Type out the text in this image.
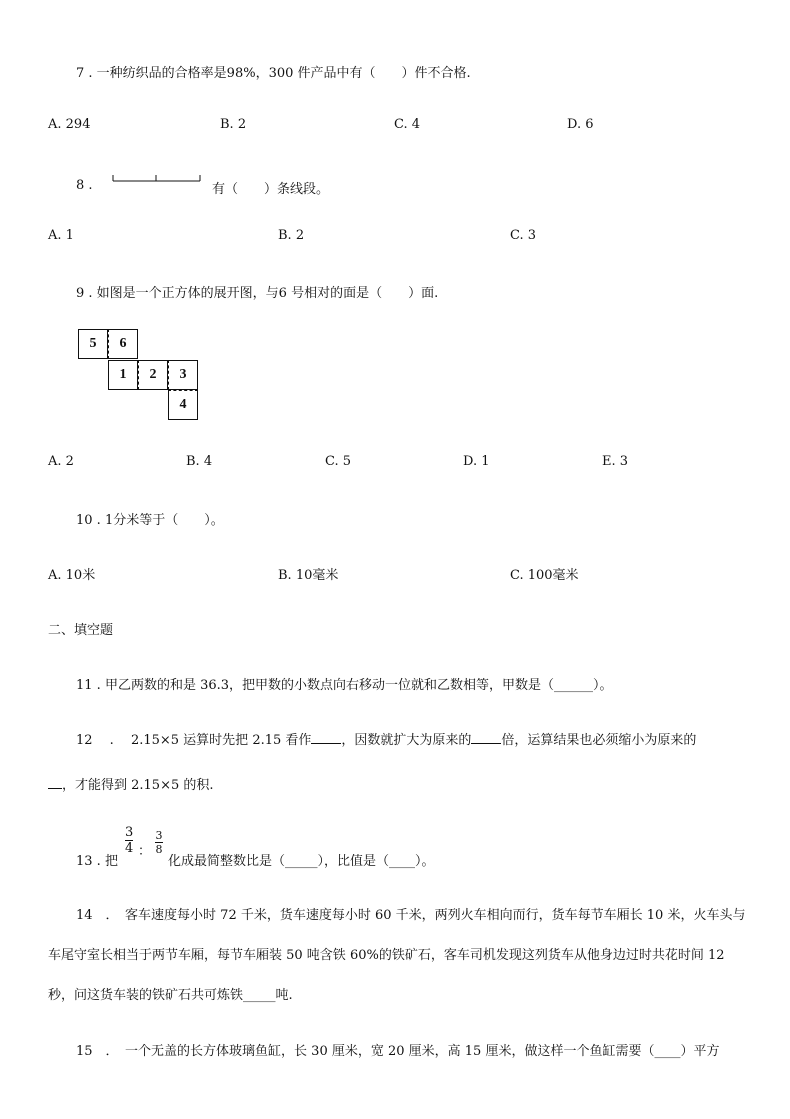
7 . 一种纺织品的合格率是98%，300 件产品中有（　　）件不合格.
A. 294	B. 2	C. 4	D. 6
8 .	有（　　）条线段。
A. 1	B. 2	C. 3
9 . 如图是一个正方体的展开图，与6 号相对的面是（　　）面.
5	6
1	2	3
4
A. 2	B. 4	C. 5	D. 1	E. 3
10 . 1分米等于（　　）。
A. 10米	B. 10毫米	C. 100毫米
二、填空题
11 . 甲乙两数的和是 36.3，把甲数的小数点向右移动一位就和乙数相等，甲数是（______）。
12　 .　 2.15×5 运算时先把 2.15 看作 ，因数就扩大为原来的 倍，运算结果也必须缩小为原来的
，才能得到 2.15×5 的积.
13 . 把
3
4 ：
3
8
化成最简整数比是（_____），比值是（____）。
14　．　客车速度每小时 72 千米，货车速度每小时 60 千米，两列火车相向而行，货车每节车厢长 10 米，火车头与
车尾守室长相当于两节车厢，每节车厢装 50 吨含铁 60%的铁矿石，客车司机发现这列货车从他身边过时共花时间 12
秒，问这货车装的铁矿石共可炼铁_____吨.
15　．　一个无盖的长方体玻璃鱼缸，长 30 厘米，宽 20 厘米，高 15 厘米，做这样一个鱼缸需要（____）平方
